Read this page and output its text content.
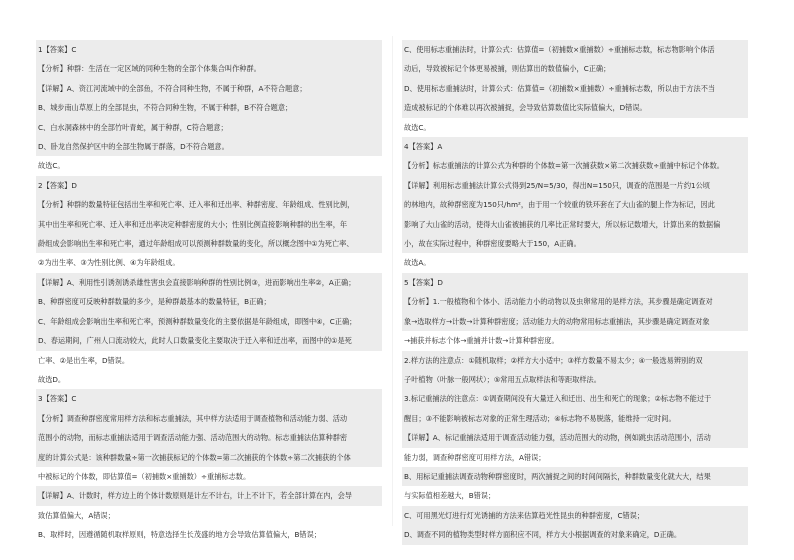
1【答案】C

【分析】种群：生活在一定区域的同种生物的全部个体集合叫作种群。

【详解】A、资江河流域中的全部鱼，不符合同种生物，不属于种群，A不符合题意；

B、城步南山草原上的全部昆虫，不符合同种生物，不属于种群，B不符合题意；

C、白水洞森林中的全部竹叶青蛇，属于种群，C符合题意；

D、卧龙自然保护区中的全部生物属于群落，D不符合题意。

故选C。

2【答案】D

【分析】种群的数量特征包括出生率和死亡率、迁入率和迁出率、种群密度、年龄组成、性别比例，

其中出生率和死亡率、迁入率和迁出率决定种群密度的大小；性别比例直接影响种群的出生率，年

龄组成会影响出生率和死亡率，通过年龄组成可以预测种群数量的变化，所以概念图中①为死亡率、

②为出生率、③为性别比例、④为年龄组成。

【详解】A、利用性引诱剂诱杀雄性害虫会直接影响种群的性别比例③，进而影响出生率②，A正确；

B、种群密度可反映种群数量的多少，是种群最基本的数量特征，B正确；

C、年龄组成会影响出生率和死亡率，预测种群数量变化的主要依据是年龄组成，即图中④，C正确；

D、春运期间，广州人口流动较大，此时人口数量变化主要取决于迁入率和迁出率，而图中的①是死

亡率、②是出生率，D错误。

故选D。

3【答案】C

【分析】调查种群密度常用样方法和标志重捕法，其中样方法适用于调查植物和活动能力弱、活动

范围小的动物，而标志重捕法适用于调查活动能力强、活动范围大的动物。标志重捕法估算种群密

度的计算公式是：该种群数量÷第一次捕获标记的个体数=第二次捕获的个体数÷第二次捕获的个体

中被标记的个体数，即估算值=（初捕数×重捕数）÷重捕标志数。

【详解】A、计数时，样方边上的个体计数原则是计左不计右，计上不计下，若全部计算在内，会导

致估算值偏大，A错误；

B、取样时，因遵循随机取样原则，特意选择生长茂盛的地方会导致估算值偏大，B错误；

C、使用标志重捕法时，计算公式：估算值=（初捕数×重捕数）÷重捕标志数，标志物影响个体活

动后，导致被标记个体更易被捕，则估算出的数值偏小，C正确；

D、使用标志重捕法时，计算公式：估算值=（初捕数×重捕数）÷重捕标志数，所以由于方法不当

造成被标记的个体难以再次被捕捉，会导致估算数值比实际值偏大，D错误。

故选C。

4【答案】A

【分析】标志重捕法的计算公式为种群的个体数=第一次捕获数×第二次捕获数÷重捕中标记个体数。

【详解】利用标志重捕法计算公式得到25/N=5/30，得出N=150只，调查的范围是一片约1公顷

的林地内，故种群密度为150只/hm²，由于用一个较重的铁环套在了大山雀的腿上作为标记，因此

影响了大山雀的活动，使得大山雀被捕获的几率比正常时要大，所以标记数增大，计算出来的数据偏

小，故在实际过程中，种群密度要略大于150，A正确。

故选A。

5【答案】D

【分析】1.一般植物和个体小、活动能力小的动物以及虫卵常用的是样方法，其步骤是确定调查对

象→选取样方→计数→计算种群密度；活动能力大的动物常用标志重捕法，其步骤是确定调查对象

→捕获并标志个体→重捕并计数→计算种群密度。

2.样方法的注意点：①随机取样；②样方大小适中；③样方数量不易太少；④一般选易辨别的双

子叶植物（叶脉一般网状）；⑤常用五点取样法和等距取样法。

3.标记重捕法的注意点：①调查期间没有大量迁入和迁出、出生和死亡的现象；②标志物不能过于

醒目；③不能影响被标志对象的正常生理活动；④标志物不易脱落，能维持一定时间。

【详解】A、标记重捕法适用于调查活动能力强，活动范围大的动物，例如跳虫活动范围小，活动

能力弱，调查种群密度可用样方法，A错误；

B、用标记重捕法调查动物种群密度时，两次捕捉之间的时间间隔长，种群数量变化就大大，结果

与实际值相差越大，B错误；

C、可用黑光灯进行灯光诱捕的方法来估算趋光性昆虫的种群密度，C错误；

D、调查不同的植物类型时样方面积应不同，样方大小根据调查的对象来确定，D正确。
